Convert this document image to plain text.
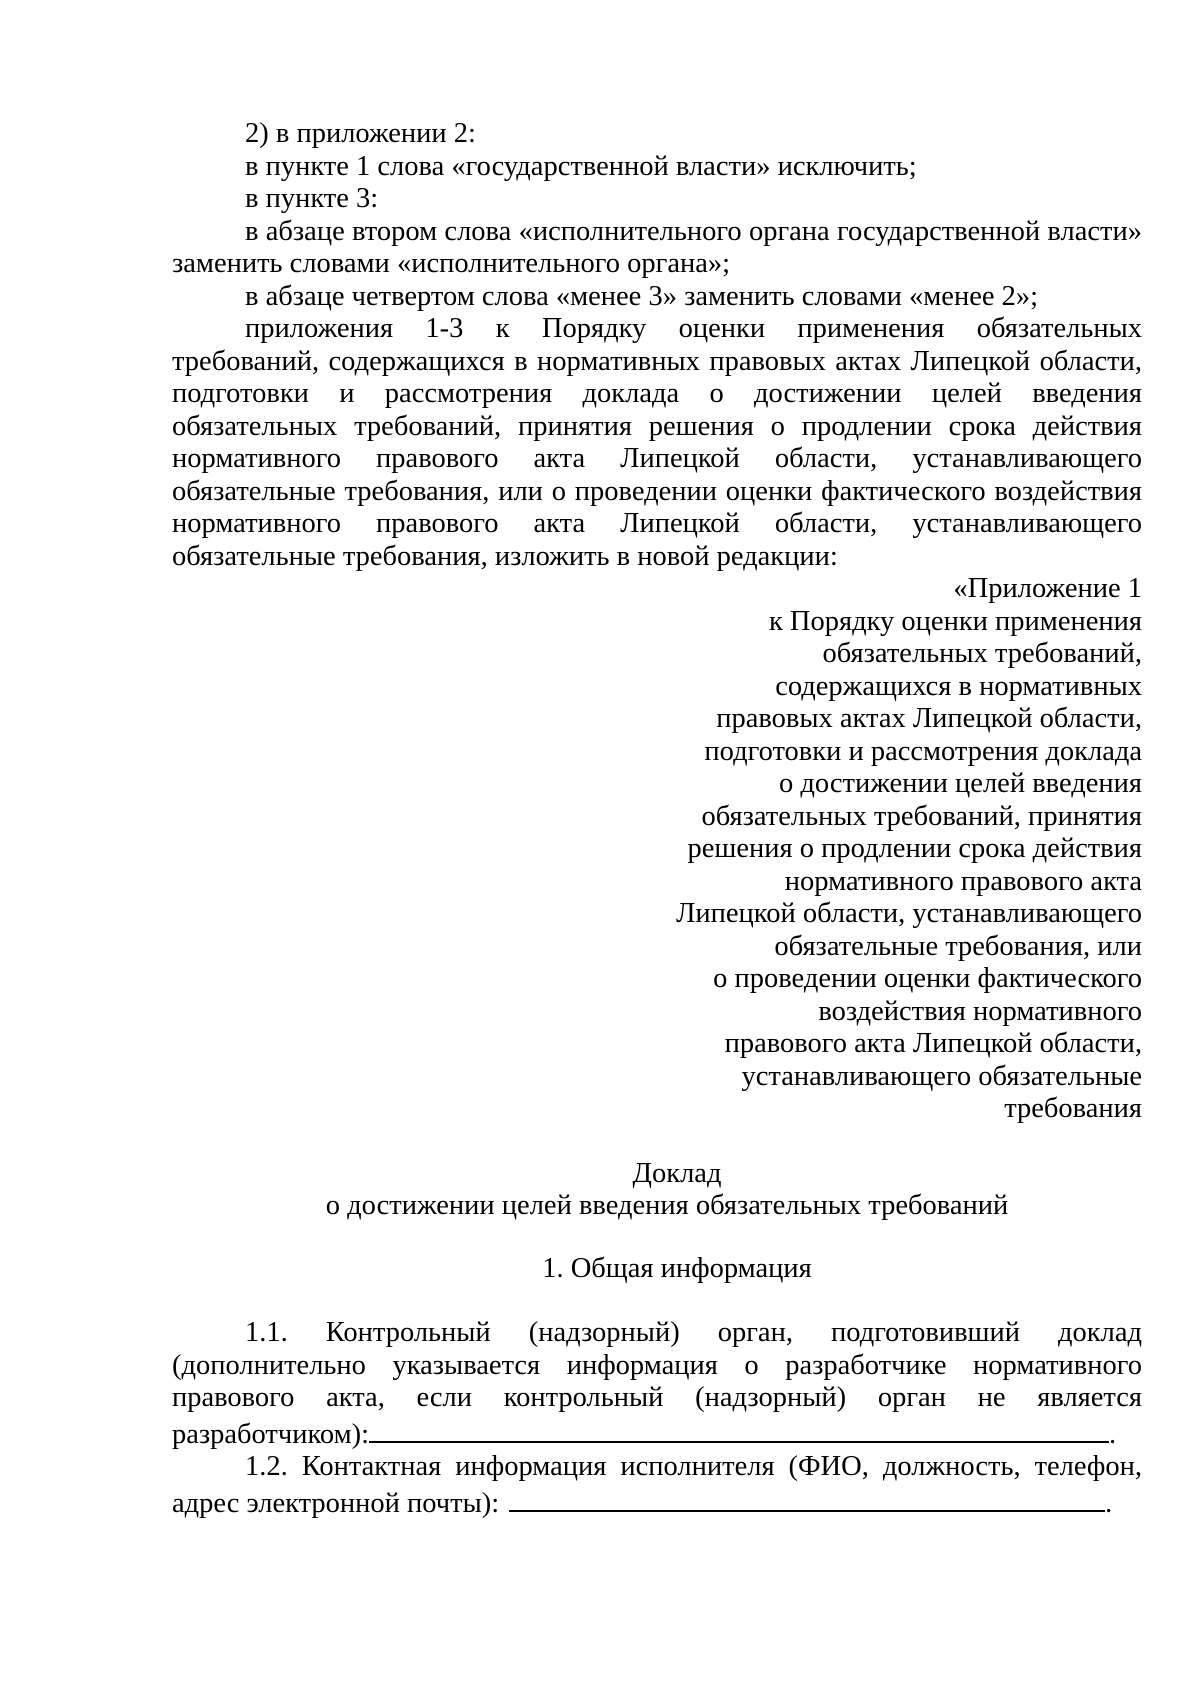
2) в приложении 2:

в пункте 1 слова «государственной власти» исключить;

в пункте 3:

в абзаце втором слова «исполнительного органа государственной власти» заменить словами «исполнительного органа»;

в абзаце четвертом слова «менее 3» заменить словами «менее 2»;

приложения 1-3 к Порядку оценки применения обязательных требований, содержащихся в нормативных правовых актах Липецкой области, подготовки и рассмотрения доклада о достижении целей введения обязательных требований, принятия решения о продлении срока действия нормативного правового акта Липецкой области, устанавливающего обязательные требования, или о проведении оценки фактического воздействия нормативного правового акта Липецкой области, устанавливающего обязательные требования, изложить в новой редакции:

«Приложение 1
к Порядку оценки применения
обязательных требований,
содержащихся в нормативных
правовых актах Липецкой области,
подготовки и рассмотрения доклада
о достижении целей введения
обязательных требований, принятия
решения о продлении срока действия
нормативного правового акта
Липецкой области, устанавливающего
обязательные требования, или
о проведении оценки фактического
воздействия нормативного
правового акта Липецкой области,
устанавливающего обязательные
требования

Доклад

о достижении целей введения обязательных требований

1. Общая информация

1.1. Контрольный (надзорный) орган, подготовивший доклад (дополнительно указывается информация о разработчике нормативного правового акта, если контрольный (надзорный) орган не является разработчиком):	.

1.2. Контактная информация исполнителя (ФИО, должность, телефон, адрес электронной почты):	.
